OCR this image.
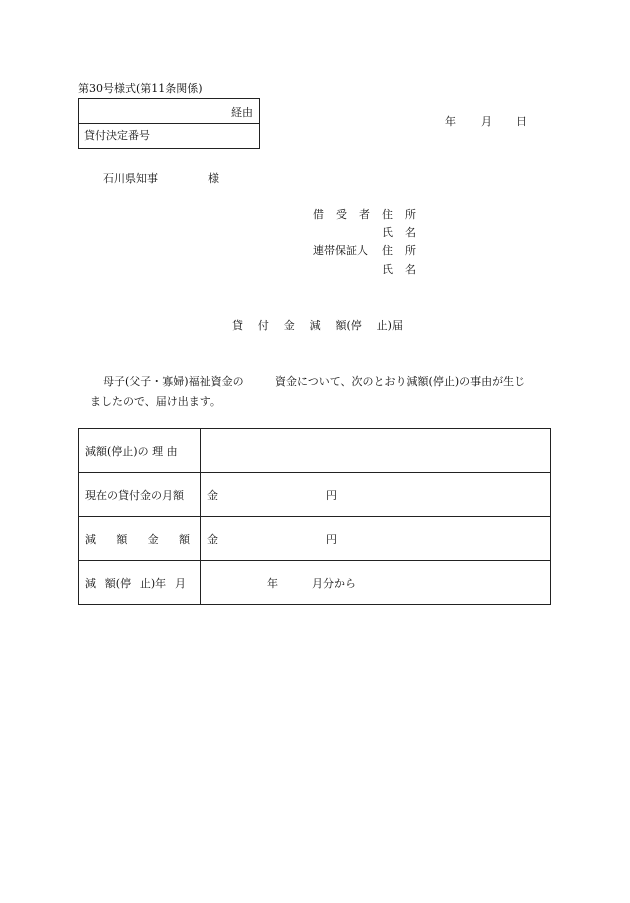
第30号様式(第11条関係)
経由
貸付決定番号
年 月 日
石川県知事	様
借 受 者 住 所
氏 名
連帯保証人 住 所
氏 名
貸 付 金 減 額(停 止)届
母子(父子・寡婦)福祉資金の	資金について、次のとおり減額(停止)の事由が生じ
ましたので、届け出ます。
減額(停止)の 理 由	
現在の貸付金の月額	金 円

減 額 金 額	金 円

減 額(停 止)年 月	年 月分から
